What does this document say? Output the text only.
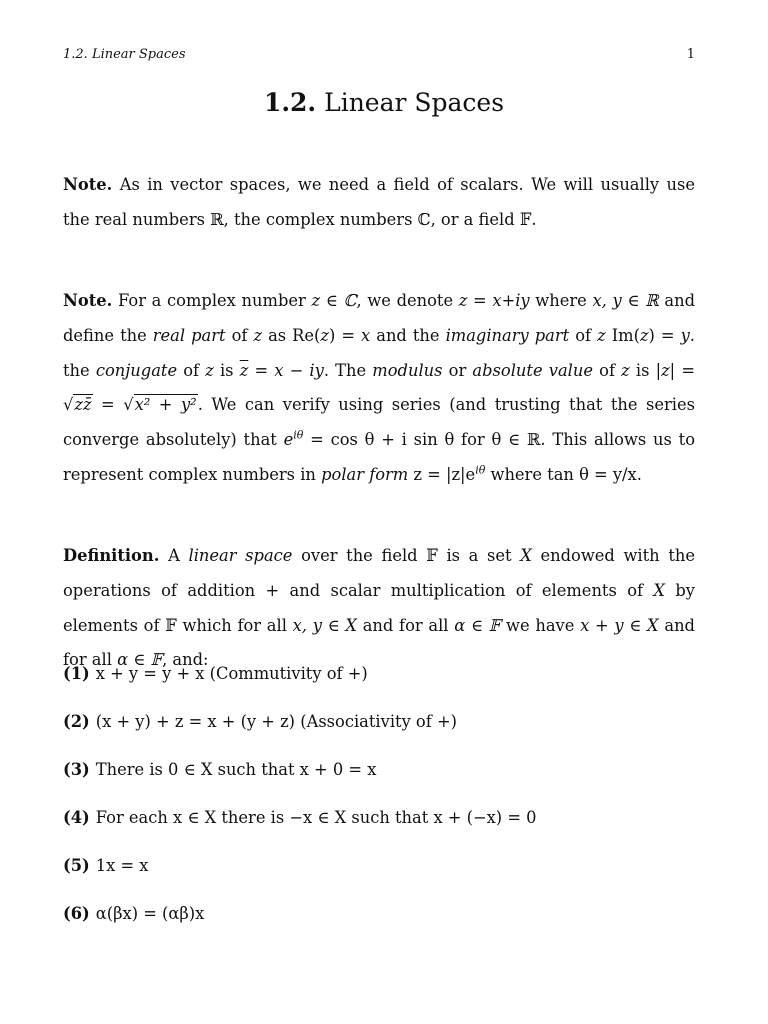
1.2. Linear Spaces	1
1.2. Linear Spaces
Note. As in vector spaces, we need a field of scalars. We will usually use the real numbers ℝ, the complex numbers ℂ, or a field 𝔽.
Note. For a complex number z ∈ ℂ, we denote z = x+iy where x, y ∈ ℝ and define the real part of z as Re(z) = x and the imaginary part of z Im(z) = y. the conjugate of z is $\overline{z} = x$ − iy. The modulus or absolute value of z is |z| = √zz̄ = √x² + y². We can verify using series (and trusting that the series converge absolutely) that $e^{i\theta} = \cos \theta + i$ sin θ for θ ∈ ℝ. This allows us to represent complex numbers in polar form $z = |z|e^{i\theta}$ where tan θ = y/x.
Definition. A linear space over the field 𝔽 is a set X endowed with the operations of addition + and scalar multiplication of elements of X by elements of 𝔽 which for all x, y ∈ X and for all α ∈ 𝔽 we have x + y ∈ X and for all α ∈ 𝔽, and:
(1) x + y = y + x (Commutivity of +)
(2) (x + y) + z = x + (y + z) (Associativity of +)
(3) There is 0 ∈ X such that x + 0 = x
(4) For each x ∈ X there is −x ∈ X such that x + (−x) = 0
(5) 1x = x
(6) α(βx) = (αβ)x
